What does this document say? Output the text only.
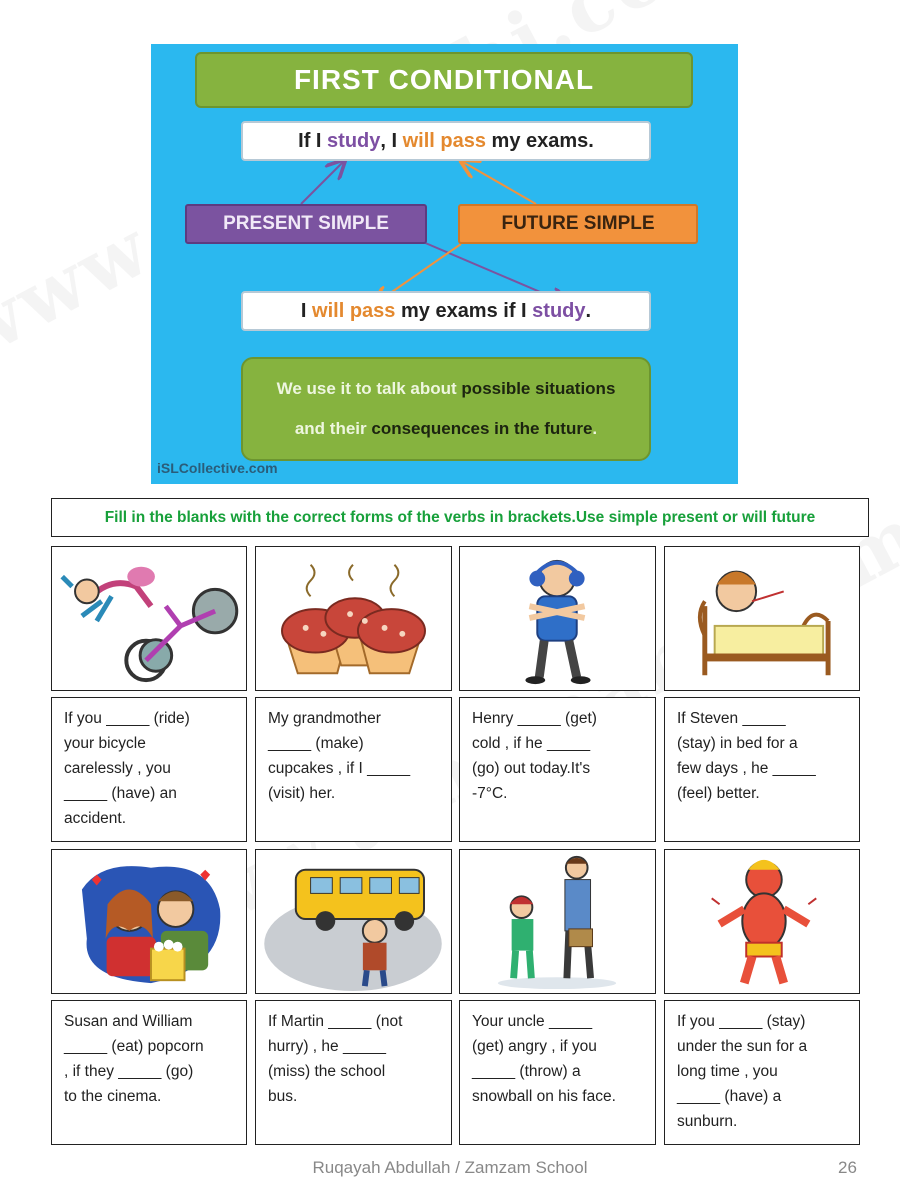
FIRST CONDITIONAL
If I study , I will pass my exams.
PRESENT SIMPLE	FUTURE SIMPLE
I will pass my exams if I study .
We use it to talk about possible situations
and their consequences in the future.
iSLCollective.com
Fill in the blanks with the correct forms of the verbs in brackets.Use simple present or will future
If you _____ (ride)
your bicycle
carelessly , you
_____ (have) an
accident.
My grandmother
_____ (make)
cupcakes , if I _____
(visit) her.
Henry _____ (get)
cold , if he _____
(go) out today.It's
-7°C.
If Steven _____
(stay) in bed for a
few days , he _____
(feel) better.
Susan and William
_____ (eat) popcorn
, if they _____ (go)
to the cinema.
If Martin _____ (not
hurry) , he _____
(miss) the school
bus.
Your uncle _____
(get) angry , if you
_____ (throw) a
snowball on his face.
If you _____ (stay)
under the sun for a
long time , you
_____ (have) a
sunburn.
Ruqayah Abdullah / Zamzam School	26
